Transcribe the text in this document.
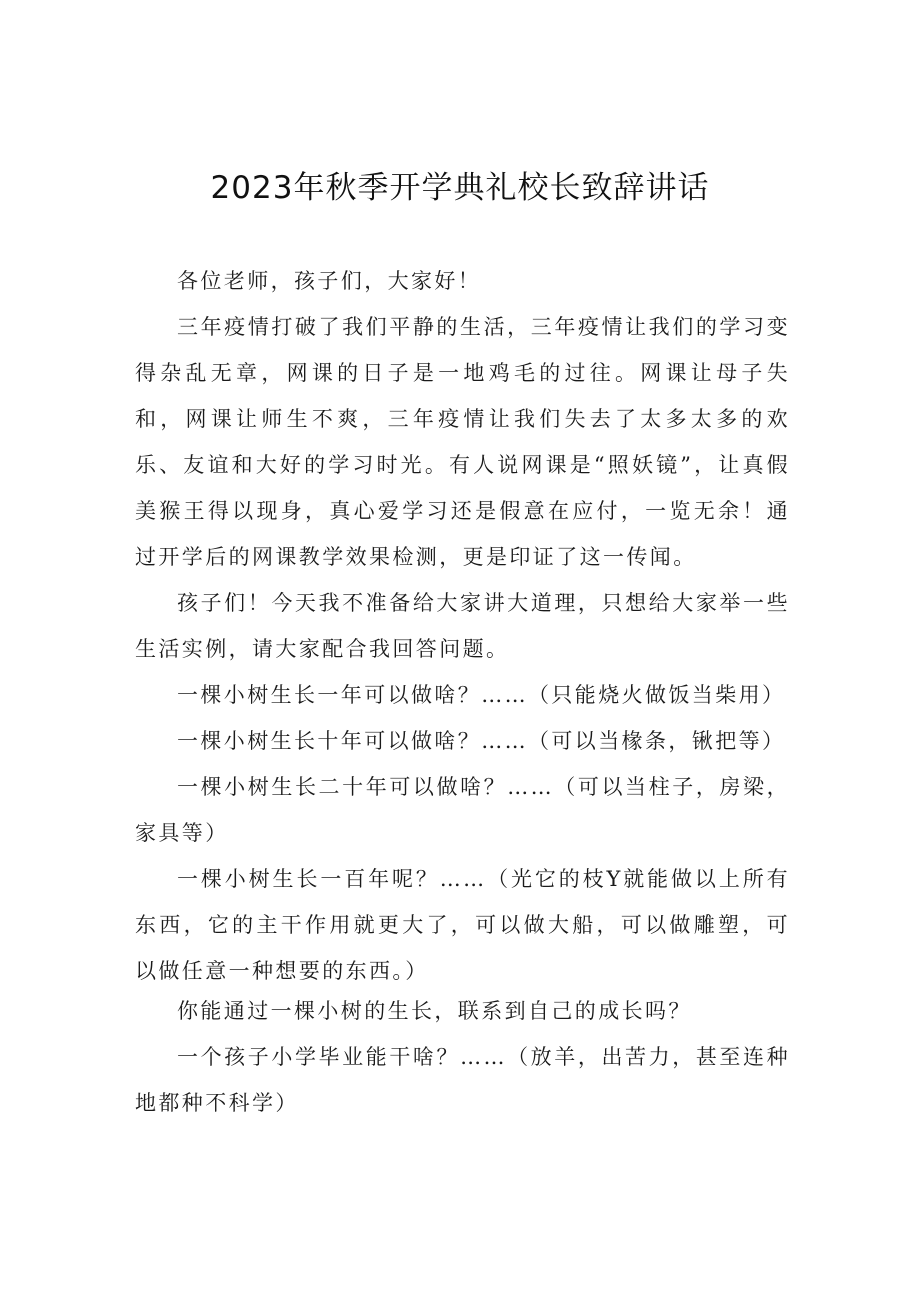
2023年秋季开学典礼校长致辞讲话

各位老师，孩子们，大家好！

三年疫情打破了我们平静的生活，三年疫情让我们的学习变得杂乱无章，网课的日子是一地鸡毛的过往。网课让母子失和，网课让师生不爽，三年疫情让我们失去了太多太多的欢乐、友谊和大好的学习时光。有人说网课是“照妖镜”，让真假美猴王得以现身，真心爱学习还是假意在应付，一览无余！通过开学后的网课教学效果检测，更是印证了这一传闻。

孩子们！今天我不准备给大家讲大道理，只想给大家举一些生活实例，请大家配合我回答问题。

一棵小树生长一年可以做啥？……（只能烧火做饭当柴用）

一棵小树生长十年可以做啥？……（可以当椽条，锹把等）

一棵小树生长二十年可以做啥？……（可以当柱子，房梁，家具等）

一棵小树生长一百年呢？……（光它的枝Y就能做以上所有东西，它的主干作用就更大了，可以做大船，可以做雕塑，可以做任意一种想要的东西。）

你能通过一棵小树的生长，联系到自己的成长吗？

一个孩子小学毕业能干啥？……（放羊，出苦力，甚至连种地都种不科学）
